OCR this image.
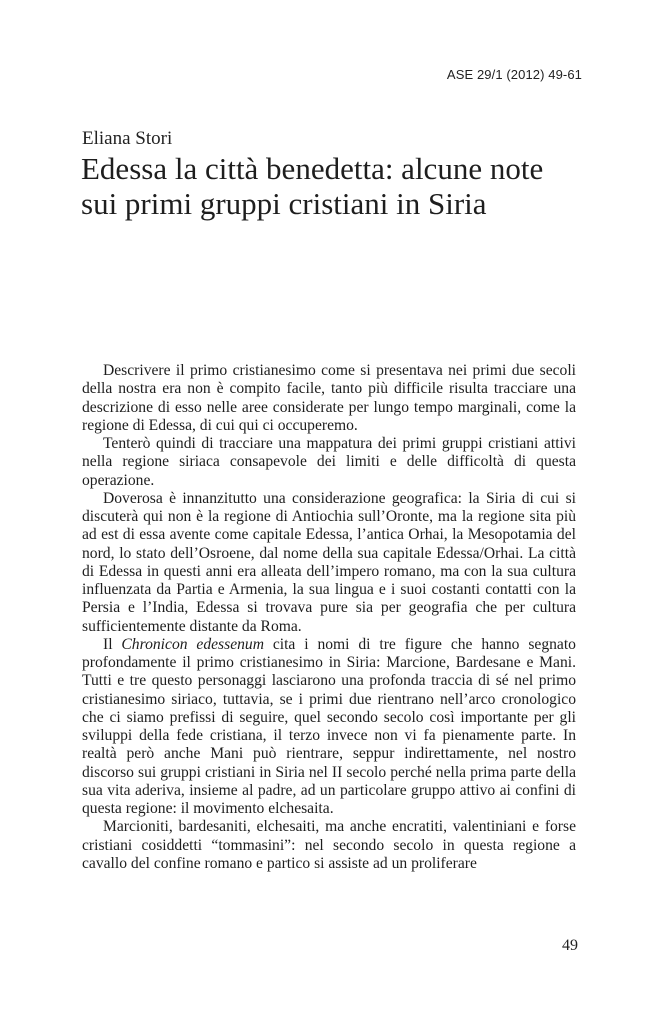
ASE 29/1 (2012) 49-61
Eliana Stori
Edessa la città benedetta: alcune note sui primi gruppi cristiani in Siria

Descrivere il primo cristianesimo come si presentava nei primi due secoli della nostra era non è compito facile, tanto più difficile risulta tracciare una descrizione di esso nelle aree considerate per lungo tempo marginali, come la regione di Edessa, di cui qui ci occuperemo.

Tenterò quindi di tracciare una mappatura dei primi gruppi cristiani attivi nella regione siriaca consapevole dei limiti e delle difficoltà di questa operazione.

Doverosa è innanzitutto una considerazione geografica: la Siria di cui si discuterà qui non è la regione di Antiochia sull’Oronte, ma la regione sita più ad est di essa avente come capitale Edessa, l’antica Orhai, la Mesopotamia del nord, lo stato dell’Osroene, dal nome della sua capitale Edessa/Orhai. La città di Edessa in questi anni era alleata dell’impero romano, ma con la sua cultura influenzata da Partia e Armenia, la sua lingua e i suoi costanti contatti con la Persia e l’India, Edessa si trovava pure sia per geografia che per cultura sufficientemente distante da Roma.

Il Chronicon edessenum cita i nomi di tre figure che hanno segnato profondamente il primo cristianesimo in Siria: Marcione, Bardesane e Mani. Tutti e tre questo personaggi lasciarono una profonda traccia di sé nel primo cristianesimo siriaco, tuttavia, se i primi due rientrano nell’arco cronologico che ci siamo prefissi di seguire, quel secondo secolo così importante per gli sviluppi della fede cristiana, il terzo invece non vi fa pienamente parte. In realtà però anche Mani può rientrare, seppur indirettamente, nel nostro discorso sui gruppi cristiani in Siria nel II secolo perché nella prima parte della sua vita aderiva, insieme al padre, ad un particolare gruppo attivo ai confini di questa regione: il movimento elchesaita.

Marcioniti, bardesaniti, elchesaiti, ma anche encratiti, valentiniani e forse cristiani cosiddetti “tommasini”: nel secondo secolo in questa regione a cavallo del confine romano e partico si assiste ad un proliferare

49
